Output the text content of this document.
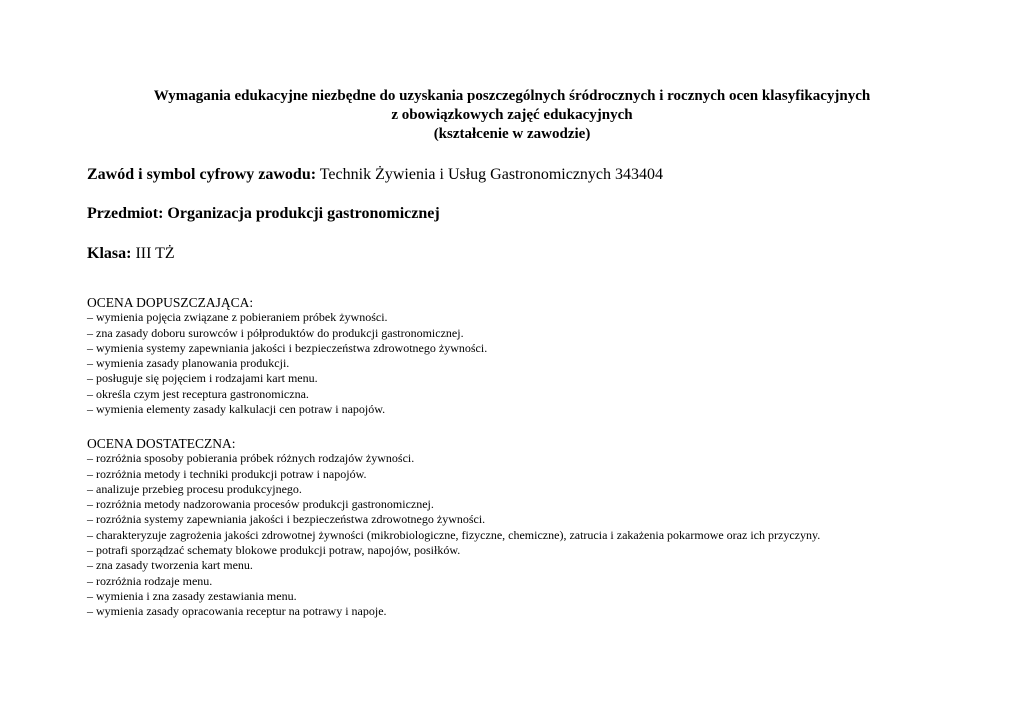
Wymagania edukacyjne niezbędne do uzyskania poszczególnych śródrocznych i rocznych ocen klasyfikacyjnych
z obowiązkowych zajęć edukacyjnych
(kształcenie w zawodzie)
Zawód i symbol cyfrowy zawodu: Technik Żywienia i Usług Gastronomicznych 343404
Przedmiot: Organizacja produkcji gastronomicznej
Klasa: III TŻ
OCENA DOPUSZCZAJĄCA:
– wymienia pojęcia związane z pobieraniem próbek żywności.
– zna zasady doboru surowców i półproduktów do produkcji gastronomicznej.
– wymienia systemy zapewniania jakości i bezpieczeństwa zdrowotnego żywności.
– wymienia zasady planowania produkcji.
– posługuje się pojęciem i rodzajami kart menu.
– określa czym jest receptura gastronomiczna.
– wymienia elementy zasady kalkulacji cen potraw i napojów.
OCENA DOSTATECZNA:
– rozróżnia sposoby pobierania próbek różnych rodzajów żywności.
– rozróżnia metody i techniki produkcji potraw i napojów.
– analizuje przebieg procesu produkcyjnego.
– rozróżnia metody nadzorowania procesów produkcji gastronomicznej.
– rozróżnia systemy zapewniania jakości i bezpieczeństwa zdrowotnego żywności.
– charakteryzuje zagrożenia jakości zdrowotnej żywności (mikrobiologiczne, fizyczne, chemiczne), zatrucia i zakażenia pokarmowe oraz ich przyczyny.
– potrafi sporządzać schematy blokowe produkcji potraw, napojów, posiłków.
– zna zasady tworzenia kart menu.
– rozróżnia rodzaje menu.
– wymienia i zna zasady zestawiania menu.
– wymienia zasady opracowania receptur na potrawy i napoje.
